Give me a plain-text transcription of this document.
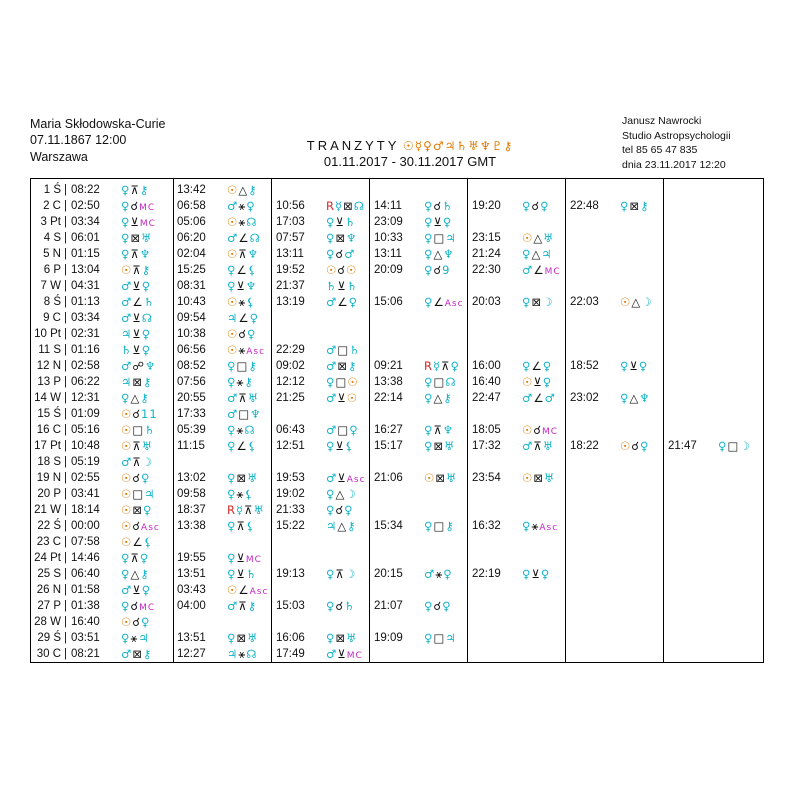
Maria Skłodowska-Curie
07.11.1867 12:00
Warszawa
TRANZYTY ☉☿♀♂♃♄♅♆♇⚷
01.11.2017 - 30.11.2017 GMT
Janusz Nawrocki
Studio Astropsychologii
tel 85 65 47 835
dnia 23.11.2017 12:20
1 Ś | 08:22 ♀⊼⚷ 13:42 ☉△⚷
2 C | 02:50 ♀☌MC 06:58 ♂⚹♀ 10:56 R☿⊠☊ 14:11 ♀☌♄ 19:20 ♀☌♀ 22:48 ♀⊠⚷
3 Pt | 03:34 ♀⊻MC 05:06 ☉⚹☊ 17:03 ♀⊻♄ 23:09 ♀⊻♀
4 S | 06:01 ♀⊠♅ 06:20 ♂∠☊ 07:57 ♀⊠♆ 10:33 ♀□♃ 23:15 ☉△♅
5 N | 01:15 ♀⊼♆ 02:04 ☉⊼♆ 13:11 ♀☌♂ 13:11 ♀△♆ 21:24 ♀△♃
6 P | 13:04 ☉⊼⚷ 15:25 ♀∠⚸ 19:52 ☉☌☉ 20:09 ♀☌9 22:30 ♂∠MC
7 W | 04:31 ♂⊻♀ 08:31 ♀⊻♆ 21:37 ♄⊻♄
8 Ś | 01:13 ♂∠♄ 10:43 ☉⚹⚸ 13:19 ♂∠♀ 15:06 ♀∠Asc 20:03 ♀⊠☽ 22:03 ☉△☽
9 C | 03:34 ♂⊻☊ 09:54 ♃∠♀
10 Pt | 02:31 ♃⊻♀ 10:38 ☉☌♀
11 S | 01:16 ♄⊻♀ 06:56 ☉⚹Asc 22:29 ♂□♄
12 N | 02:58 ♂☍♆ 08:52 ♀□⚷ 09:02 ♂⊠⚷ 09:21 R☿⊼♀ 16:00 ♀∠♀ 18:52 ♀⊻♀
13 P | 06:22 ♃⊠⚷ 07:56 ♀⚹⚷ 12:12 ♀□☉ 13:38 ♀□☊ 16:40 ☉⊻♀
14 W | 12:31 ♀△⚷ 20:55 ♂⊼♅ 21:25 ♂⊻☉ 22:14 ♀△⚷ 22:47 ♂∠♂ 23:02 ♀△♆
15 Ś | 01:09 ☉☌11 17:33 ♂□♆
16 C | 05:16 ☉□♄ 05:39 ♀⚹☊ 06:43 ♂□♀ 16:27 ♀⊼♆ 18:05 ☉☌MC
17 Pt | 10:48 ☉⊼♅ 11:15 ♀∠⚸ 12:51 ♀⊻⚸ 15:17 ♀⊠♅ 17:32 ♂⊼♅ 18:22 ☉☌♀ 21:47 ♀□☽
18 S | 05:19 ♂⊼☽
19 N | 02:55 ☉☌♀ 13:02 ♀⊠♅ 19:53 ♂⊻Asc 21:06 ☉⊠♅ 23:54 ☉⊠♅
20 P | 03:41 ☉□♃ 09:58 ♀⚹⚸ 19:02 ♀△☽
21 W | 18:14 ☉⊠♀ 18:37 R☿⊼♅ 21:33 ♀☌♀
22 Ś | 00:00 ☉☌Asc 13:38 ♀⊼⚸ 15:22 ♃△⚷ 15:34 ♀□⚷ 16:32 ♀⚹Asc
23 C | 07:58 ☉∠⚸
24 Pt | 14:46 ♀⊼♀ 19:55 ♀⊻MC
25 S | 06:40 ♀△⚷ 13:51 ♀⊻♄ 19:13 ♀⊼☽ 20:15 ♂⚹♀ 22:19 ♀⊻♀
26 N | 01:58 ♂⊻♀ 03:43 ☉∠Asc
27 P | 01:38 ♀☌MC 04:00 ♂⊼⚷ 15:03 ♀☌♄ 21:07 ♀☌♀
28 W | 16:40 ☉☌♀
29 Ś | 03:51 ♀⚹♃ 13:51 ♀⊠♅ 16:06 ♀⊠♅ 19:09 ♀□♃
30 C | 08:21 ♂⊠⚷ 12:27 ♃⚹☊ 17:49 ♂⊻MC
